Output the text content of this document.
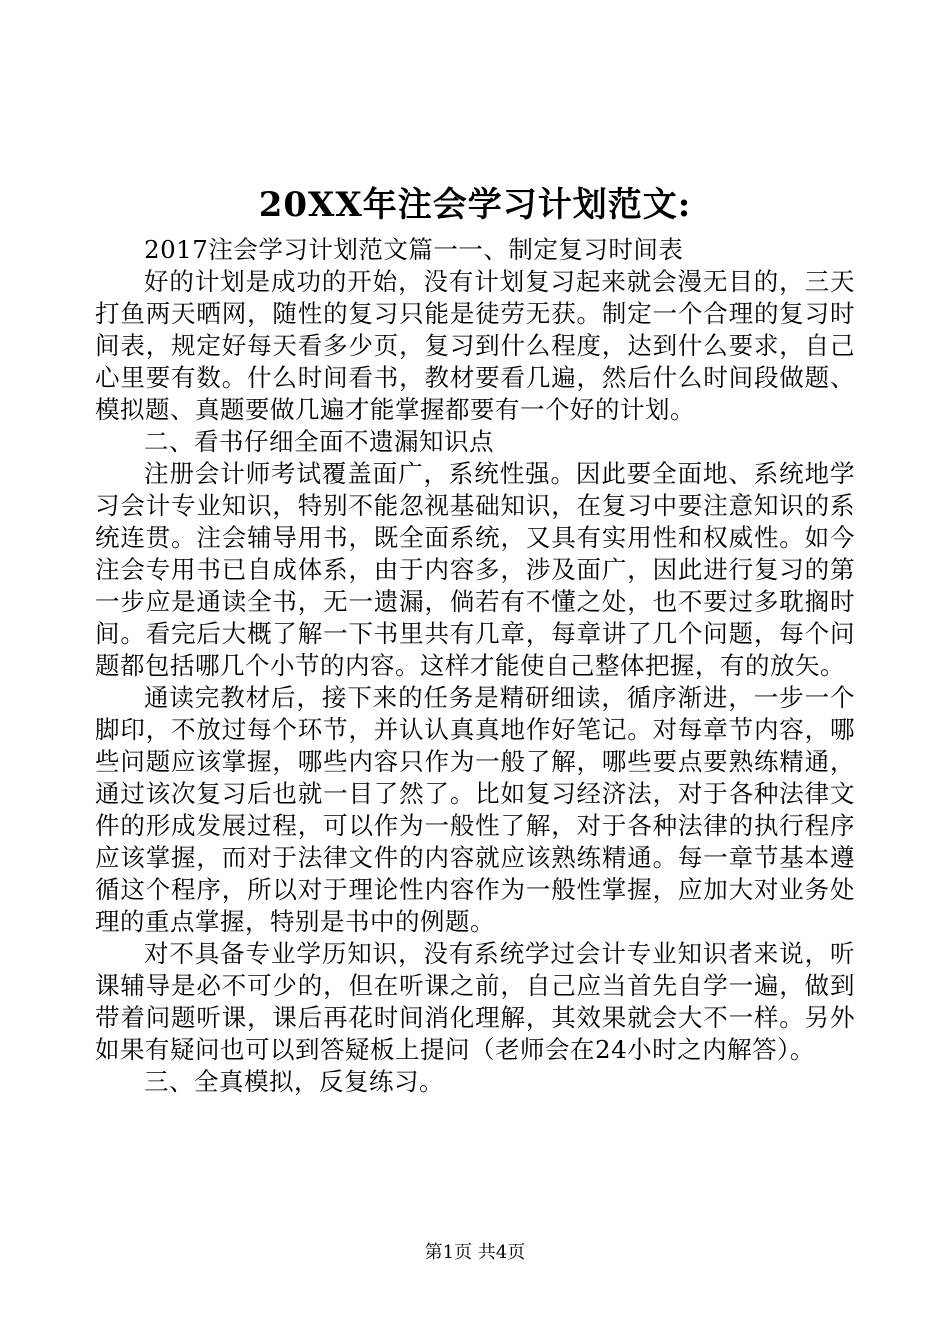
20XX年注会学习计划范文:

2017注会学习计划范文篇一一、制定复习时间表

好的计划是成功的开始，没有计划复习起来就会漫无目的，三天打鱼两天晒网，随性的复习只能是徒劳无获。制定一个合理的复习时间表，规定好每天看多少页，复习到什么程度，达到什么要求，自己心里要有数。什么时间看书，教材要看几遍，然后什么时间段做题、模拟题、真题要做几遍才能掌握都要有一个好的计划。

二、看书仔细全面不遗漏知识点

注册会计师考试覆盖面广，系统性强。因此要全面地、系统地学习会计专业知识，特别不能忽视基础知识，在复习中要注意知识的系统连贯。注会辅导用书，既全面系统，又具有实用性和权威性。如今注会专用书已自成体系，由于内容多，涉及面广，因此进行复习的第一步应是通读全书，无一遗漏，倘若有不懂之处，也不要过多耽搁时间。看完后大概了解一下书里共有几章，每章讲了几个问题，每个问题都包括哪几个小节的内容。这样才能使自己整体把握，有的放矢。

通读完教材后，接下来的任务是精研细读，循序渐进，一步一个脚印，不放过每个环节，并认认真真地作好笔记。对每章节内容，哪些问题应该掌握，哪些内容只作为一般了解，哪些要点要熟练精通，通过该次复习后也就一目了然了。比如复习经济法，对于各种法律文件的形成发展过程，可以作为一般性了解，对于各种法律的执行程序应该掌握，而对于法律文件的内容就应该熟练精通。每一章节基本遵循这个程序，所以对于理论性内容作为一般性掌握，应加大对业务处理的重点掌握，特别是书中的例题。

对不具备专业学历知识，没有系统学过会计专业知识者来说，听课辅导是必不可少的，但在听课之前，自己应当首先自学一遍，做到带着问题听课，课后再花时间消化理解，其效果就会大不一样。另外如果有疑问也可以到答疑板上提问（老师会在24小时之内解答）。

三、全真模拟，反复练习。

第1页 共4页
